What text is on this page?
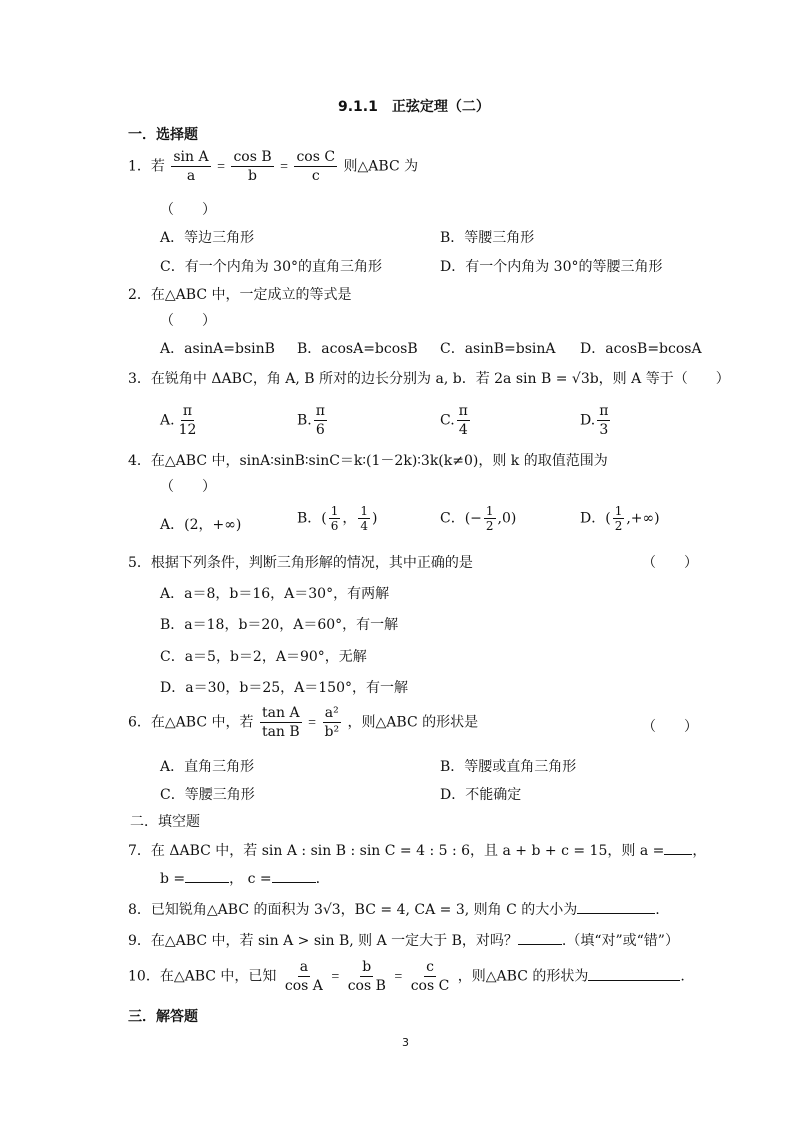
9.1.1　正弦定理（二）
一．选择题
1．若 $\frac{\text{sin A}}{a} = \frac{\text{cos B}}{b} = \frac{\text{cos C}}{c}$ 则△ABC 为
（　　）
A．等边三角形	B．等腰三角形
C．有一个内角为 30°的直角三角形	D．有一个内角为 30°的等腰三角形
2．在△ABC 中，一定成立的等式是
（　　）
A．asinA=bsinB B．acosA=bcosB C．asinB=bsinA D．acosB=bcosA
3．在锐角中 ΔABC，角 A, B 所对的边长分别为 a, b．若 2a sin B = √3b，则 A 等于（　　）
A. $\frac{\pi}{12}$	B. $\frac{\pi}{6}$	C. $\frac{\pi}{4}$	D. $\frac{\pi}{3}$
4．在△ABC 中，sinA∶sinB∶sinC＝k∶(1－2k)∶3k(k≠0)，则 k 的取值范围为
（　　）
A．(2，+∞)	B．( $\frac{1}{6}$ ， $\frac{1}{4}$ )	C．(− $\frac{1}{2} ,0$)	D．( $\frac{1}{2}$ ,+∞)
5．根据下列条件，判断三角形解的情况，其中正确的是	（　　）
A．a＝8，b＝16，A＝30°，有两解
B．a＝18，b＝20，A＝60°，有一解
C．a＝5，b＝2，A＝90°，无解
D．a＝30，b＝25，A＝150°，有一解
6．在△ABC 中，若 $\frac{\text{tan A}}{\text{tan B}} = \frac{\text{a²}}{\text{b²}}$ ，则△ABC 的形状是	（　　）
A．直角三角形	B．等腰或直角三角形
C．等腰三角形	D．不能确定
二．填空题
7．在 ΔABC 中，若 sin A : sin B : sin C = 4 : 5 : 6，且 a + b + c = 15，则 a = ，
b =	， c =	.
8．已知锐角△ABC 的面积为 3√3，BC = 4, CA = 3, 则角 C 的大小为	.
9．在△ABC 中，若 sin A > sin B, 则 A 一定大于 B，对吗？	.（填“对”或“错”）
10．在△ABC 中，已知 $\frac{a}{\text{cos A}} = \frac{b}{\text{cos B}} = \frac{c}{\text{cos C}}$ ，则△ABC 的形状为	.
三．解答题
3
